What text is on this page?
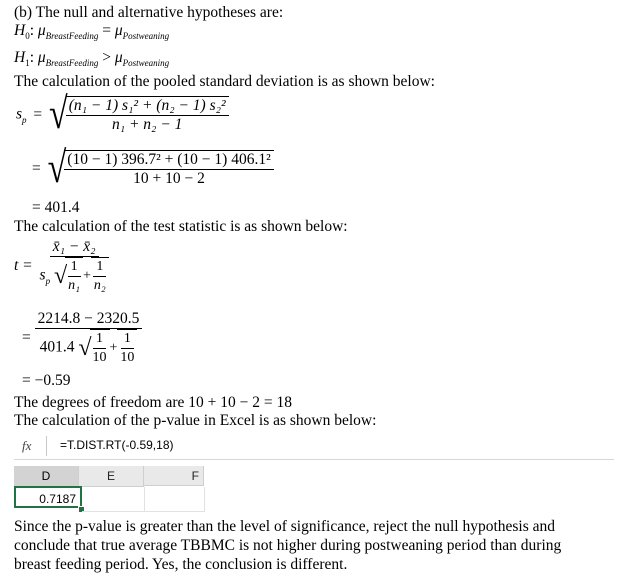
(b) The null and alternative hypotheses are:
$H_0$: $\mu_{BreastFeeding} = \mu_{Postweaning}$
$H_1$: $\mu_{BreastFeeding} > \mu_{Postweaning}$
The calculation of the pooled standard deviation is as shown below:
$s_p$ = √
$\frac{\text{(n₁ − 1) s₁² + (n₂ − 1) s₂²}}{\text{n₁ + n₂ − 1}}$
= √
$\frac{\text{(10 − 1) 396.7² + (10 − 1) 406.1²}}{10 + 10 - 2}$
= 401.4
The calculation of the test statistic is as shown below:
t = x̄₁ − x̄₂
$s_p$ √
$\frac{1}{\text{n₁}} + \frac{1}{\text{n₂}}$
=
2214.8 − 2320.5
401.4 √
$\frac{1}{10} + \frac{1}{10}$
= −0.59
The degrees of freedom are 10 + 10 − 2 = 18
The calculation of the p-value in Excel is as shown below:
fx =T.DIST.RT(-0.59,18)
D	E	F
0.7187
Since the p-value is greater than the level of significance, reject the null hypothesis and
conclude that true average TBBMC is not higher during postweaning period than during
breast feeding period. Yes, the conclusion is different.
